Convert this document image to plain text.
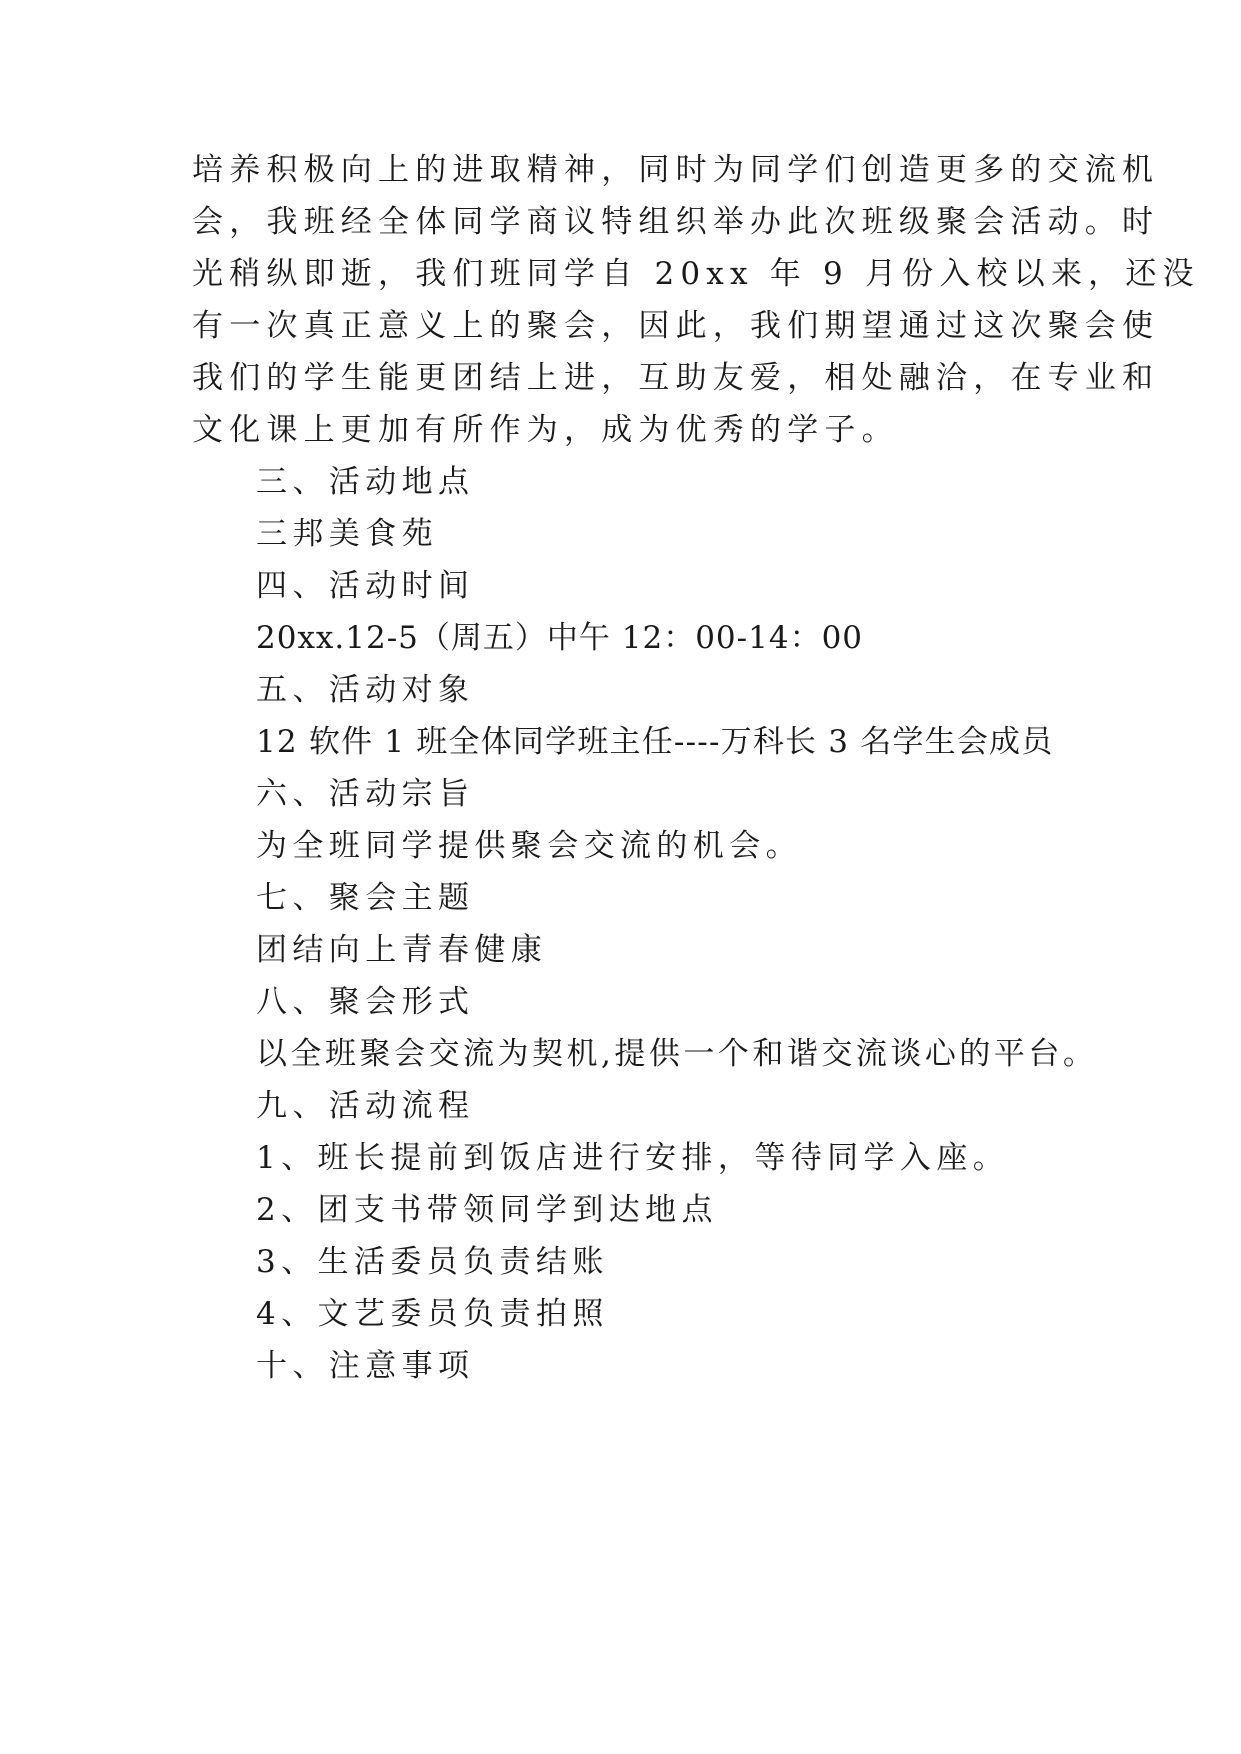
培养积极向上的进取精神，同时为同学们创造更多的交流机
会，我班经全体同学商议特组织举办此次班级聚会活动。时
光稍纵即逝，我们班同学自 20xx 年 9 月份入校以来，还没
有一次真正意义上的聚会，因此，我们期望通过这次聚会使
我们的学生能更团结上进，互助友爱，相处融洽，在专业和
文化课上更加有所作为，成为优秀的学子。
三、活动地点
三邦美食苑
四、活动时间
20xx.12-5（周五）中午 12：00-14：00
五、活动对象
12 软件 1 班全体同学班主任----万科长 3 名学生会成员
六、活动宗旨
为全班同学提供聚会交流的机会。
七、聚会主题
团结向上青春健康
八、聚会形式
以全班聚会交流为契机,提供一个和谐交流谈心的平台。
九、活动流程
1、班长提前到饭店进行安排，等待同学入座。
2、团支书带领同学到达地点
3、生活委员负责结账
4、文艺委员负责拍照
十、注意事项
